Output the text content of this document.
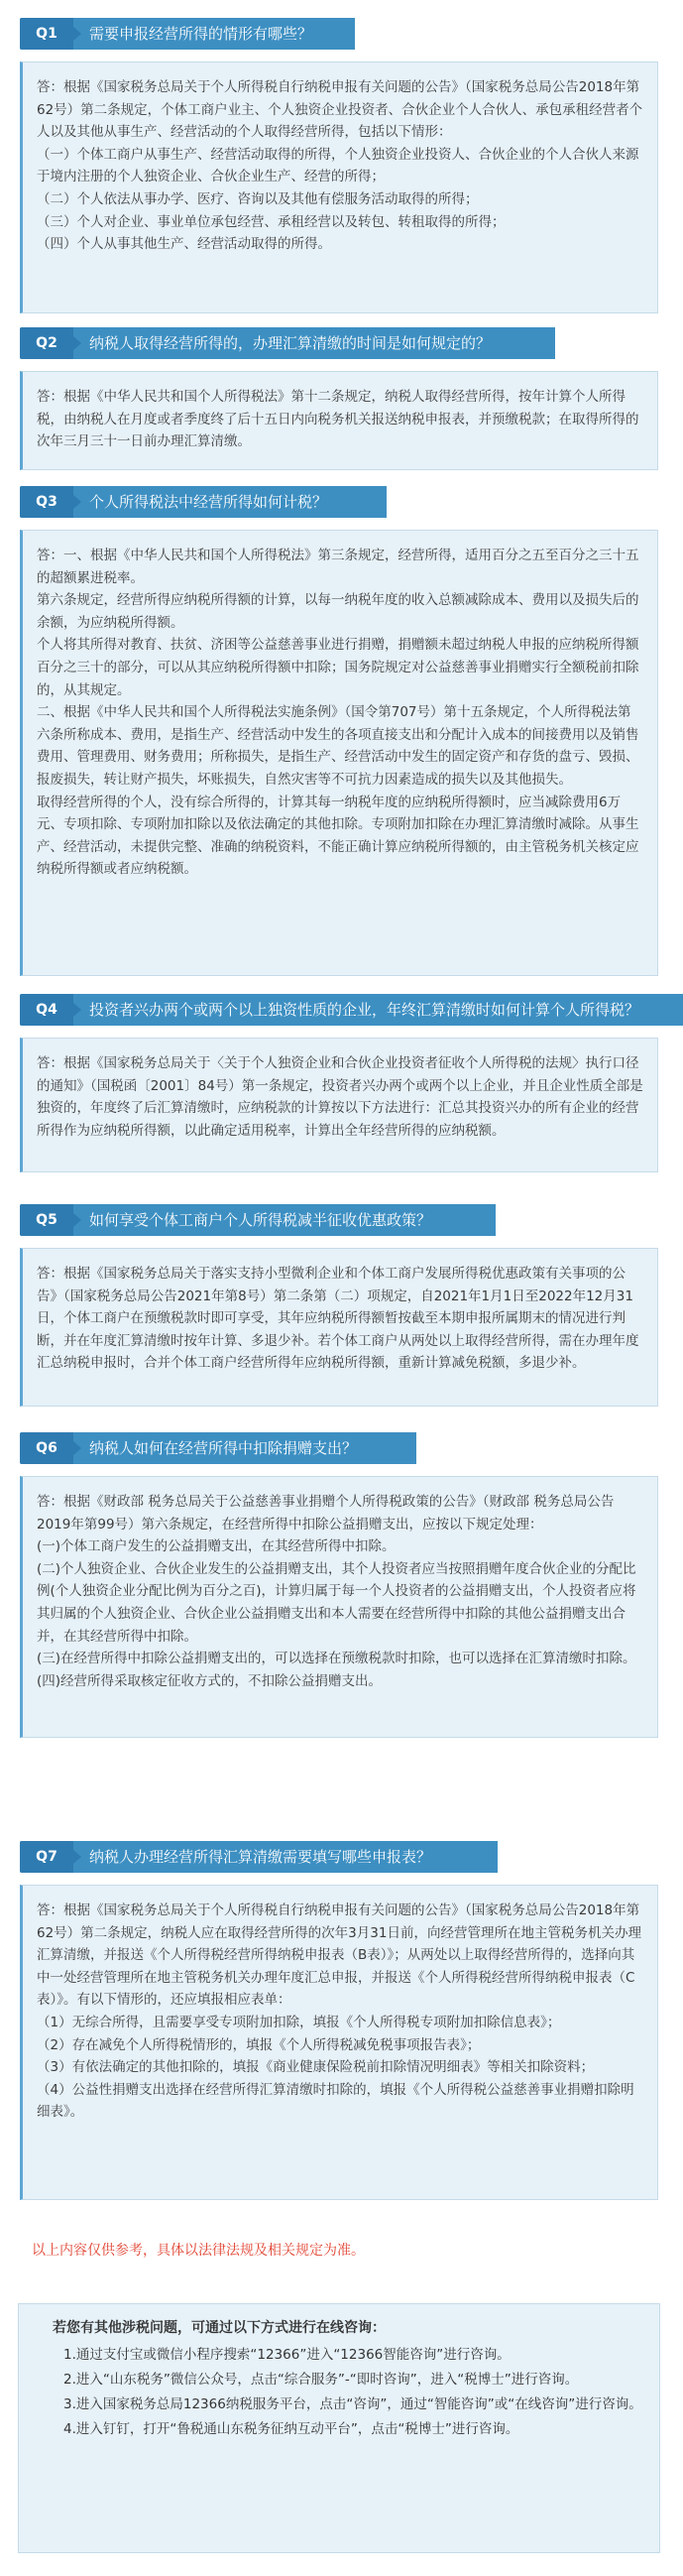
Q1	需要申报经营所得的情形有哪些？

答：根据《国家税务总局关于个人所得税自行纳税申报有关问题的公告》（国家税务总局公告2018年第62号）第二条规定，个体工商户业主、个人独资企业投资者、合伙企业个人合伙人、承包承租经营者个人以及其他从事生产、经营活动的个人取得经营所得，包括以下情形：

（一）个体工商户从事生产、经营活动取得的所得，个人独资企业投资人、合伙企业的个人合伙人来源于境内注册的个人独资企业、合伙企业生产、经营的所得；

（二）个人依法从事办学、医疗、咨询以及其他有偿服务活动取得的所得；

（三）个人对企业、事业单位承包经营、承租经营以及转包、转租取得的所得；

（四）个人从事其他生产、经营活动取得的所得。

Q2	纳税人取得经营所得的，办理汇算清缴的时间是如何规定的？

答：根据《中华人民共和国个人所得税法》第十二条规定，纳税人取得经营所得，按年计算个人所得税，由纳税人在月度或者季度终了后十五日内向税务机关报送纳税申报表，并预缴税款；在取得所得的次年三月三十一日前办理汇算清缴。

Q3	个人所得税法中经营所得如何计税？

答：一、根据《中华人民共和国个人所得税法》第三条规定，经营所得，适用百分之五至百分之三十五的超额累进税率。

第六条规定，经营所得应纳税所得额的计算，以每一纳税年度的收入总额减除成本、费用以及损失后的余额，为应纳税所得额。

个人将其所得对教育、扶贫、济困等公益慈善事业进行捐赠，捐赠额未超过纳税人申报的应纳税所得额百分之三十的部分，可以从其应纳税所得额中扣除；国务院规定对公益慈善事业捐赠实行全额税前扣除的，从其规定。

二、根据《中华人民共和国个人所得税法实施条例》（国令第707号）第十五条规定，个人所得税法第六条所称成本、费用，是指生产、经营活动中发生的各项直接支出和分配计入成本的间接费用以及销售费用、管理费用、财务费用；所称损失，是指生产、经营活动中发生的固定资产和存货的盘亏、毁损、报废损失，转让财产损失，坏账损失，自然灾害等不可抗力因素造成的损失以及其他损失。

取得经营所得的个人，没有综合所得的，计算其每一纳税年度的应纳税所得额时，应当减除费用6万元、专项扣除、专项附加扣除以及依法确定的其他扣除。专项附加扣除在办理汇算清缴时减除。从事生产、经营活动，未提供完整、准确的纳税资料，不能正确计算应纳税所得额的，由主管税务机关核定应纳税所得额或者应纳税额。

Q4	投资者兴办两个或两个以上独资性质的企业，年终汇算清缴时如何计算个人所得税？

答：根据《国家税务总局关于〈关于个人独资企业和合伙企业投资者征收个人所得税的法规〉执行口径的通知》（国税函〔2001〕84号）第一条规定，投资者兴办两个或两个以上企业，并且企业性质全部是独资的，年度终了后汇算清缴时，应纳税款的计算按以下方法进行：汇总其投资兴办的所有企业的经营所得作为应纳税所得额，以此确定适用税率，计算出全年经营所得的应纳税额。

Q5	如何享受个体工商户个人所得税减半征收优惠政策？

答：根据《国家税务总局关于落实支持小型微利企业和个体工商户发展所得税优惠政策有关事项的公告》（国家税务总局公告2021年第8号）第二条第（二）项规定，自2021年1月1日至2022年12月31日，个体工商户在预缴税款时即可享受，其年应纳税所得额暂按截至本期申报所属期末的情况进行判断，并在年度汇算清缴时按年计算、多退少补。若个体工商户从两处以上取得经营所得，需在办理年度汇总纳税申报时，合并个体工商户经营所得年应纳税所得额，重新计算减免税额，多退少补。

Q6	纳税人如何在经营所得中扣除捐赠支出？

答：根据《财政部 税务总局关于公益慈善事业捐赠个人所得税政策的公告》（财政部 税务总局公告2019年第99号）第六条规定，在经营所得中扣除公益捐赠支出，应按以下规定处理：

(一)个体工商户发生的公益捐赠支出，在其经营所得中扣除。

(二)个人独资企业、合伙企业发生的公益捐赠支出，其个人投资者应当按照捐赠年度合伙企业的分配比例(个人独资企业分配比例为百分之百)，计算归属于每一个人投资者的公益捐赠支出，个人投资者应将其归属的个人独资企业、合伙企业公益捐赠支出和本人需要在经营所得中扣除的其他公益捐赠支出合并，在其经营所得中扣除。

(三)在经营所得中扣除公益捐赠支出的，可以选择在预缴税款时扣除，也可以选择在汇算清缴时扣除。

(四)经营所得采取核定征收方式的，不扣除公益捐赠支出。

Q7	纳税人办理经营所得汇算清缴需要填写哪些申报表？

答：根据《国家税务总局关于个人所得税自行纳税申报有关问题的公告》（国家税务总局公告2018年第62号）第二条规定，纳税人应在取得经营所得的次年3月31日前，向经营管理所在地主管税务机关办理汇算清缴，并报送《个人所得税经营所得纳税申报表（B表）》；从两处以上取得经营所得的，选择向其中一处经营管理所在地主管税务机关办理年度汇总申报，并报送《个人所得税经营所得纳税申报表（C表）》。有以下情形的，还应填报相应表单：

（1）无综合所得，且需要享受专项附加扣除，填报《个人所得税专项附加扣除信息表》；

（2）存在减免个人所得税情形的，填报《个人所得税减免税事项报告表》；

（3）有依法确定的其他扣除的，填报《商业健康保险税前扣除情况明细表》等相关扣除资料；

（4）公益性捐赠支出选择在经营所得汇算清缴时扣除的，填报《个人所得税公益慈善事业捐赠扣除明细表》。

以上内容仅供参考，具体以法律法规及相关规定为准。
若您有其他涉税问题，可通过以下方式进行在线咨询：

1.通过支付宝或微信小程序搜索“12366”进入“12366智能咨询”进行咨询。

2.进入“山东税务”微信公众号，点击“综合服务”-“即时咨询”，进入“税博士”进行咨询。

3.进入国家税务总局12366纳税服务平台，点击“咨询”，通过“智能咨询”或“在线咨询”进行咨询。

4.进入钉钉，打开“鲁税通山东税务征纳互动平台”，点击“税博士”进行咨询。
